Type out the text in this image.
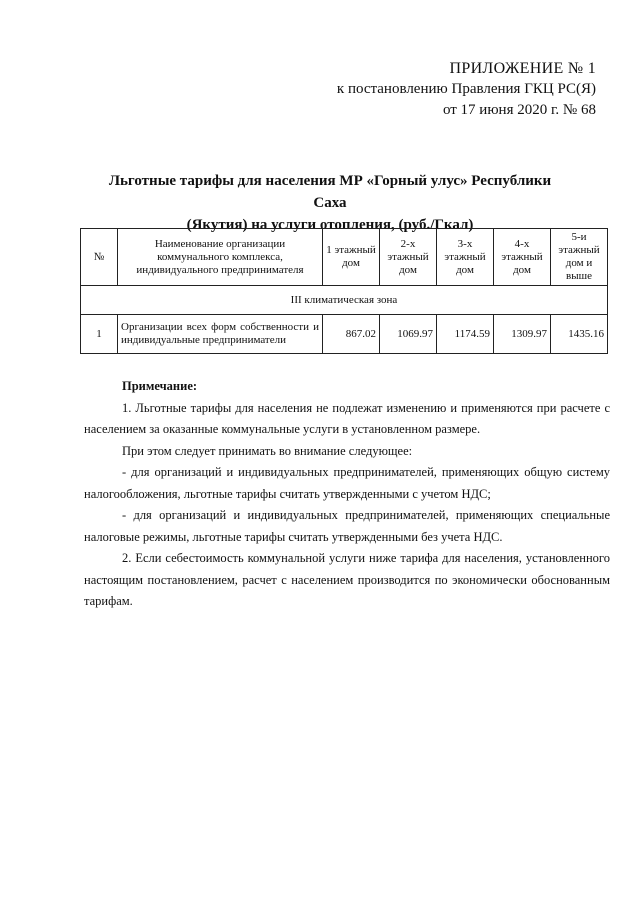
ПРИЛОЖЕНИЕ № 1
к постановлению Правления ГКЦ РС(Я)
от 17 июня 2020 г. № 68
Льготные тарифы для населения МР «Горный улус» Республики Саха
(Якутия) на услуги отопления, (руб./Гкал)
№	Наименование организации коммунального комплекса, индивидуального предпринимателя	1 этажный дом	2-х этажный дом	3-х этажный дом	4-х этажный дом	5-и этажный дом и выше
III климатическая зона						
1	Организации всех форм собственности и индивидуальные предприниматели	867.02	1069.97	1174.59	1309.97	1435.16

Примечание:

1. Льготные тарифы для населения не подлежат изменению и применяются при расчете с населением за оказанные коммунальные услуги в установленном размере.

При этом следует принимать во внимание следующее:

- для организаций и индивидуальных предпринимателей, применяющих общую систему налогообложения, льготные тарифы считать утвержденными с учетом НДС;

- для организаций и индивидуальных предпринимателей, применяющих специальные налоговые режимы, льготные тарифы считать утвержденными без учета НДС.

2. Если себестоимость коммунальной услуги ниже тарифа для населения, установленного настоящим постановлением, расчет с населением производится по экономически обоснованным тарифам.
